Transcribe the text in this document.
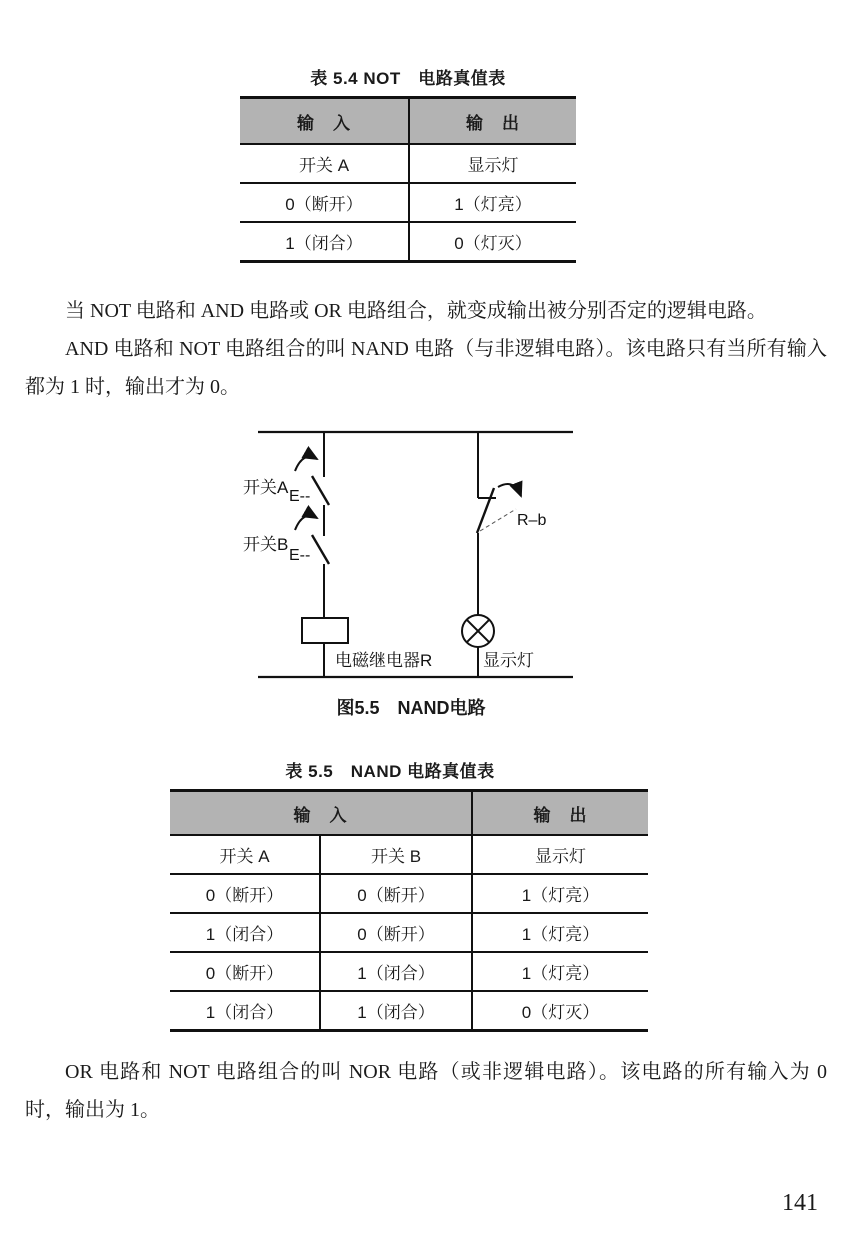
表 5.4 NOT　电路真值表
输　入	输　出
开关 A	显示灯
0（断开）	1（灯亮）
1（闭合）	0（灯灭）

当 NOT 电路和 AND 电路或 OR 电路组合，就变成输出被分别否定的逻辑电路。

AND 电路和 NOT 电路组合的叫 NAND 电路（与非逻辑电路）。该电路只有当所有输入都为 1 时，输出才为 0。

开关A E--
开关B
E--
R–b
电磁继电器R	显示灯
图5.5　NAND电路
表 5.5　NAND 电路真值表
输　入		输　出
开关 A	开关 B	显示灯
0（断开）	0（断开）	1（灯亮）
1（闭合）	0（断开）	1（灯亮）
0（断开）	1（闭合）	1（灯亮）
1（闭合）	1（闭合）	0（灯灭）

OR 电路和 NOT 电路组合的叫 NOR 电路（或非逻辑电路）。该电路的所有输入为 0 时，输出为 1。

141
